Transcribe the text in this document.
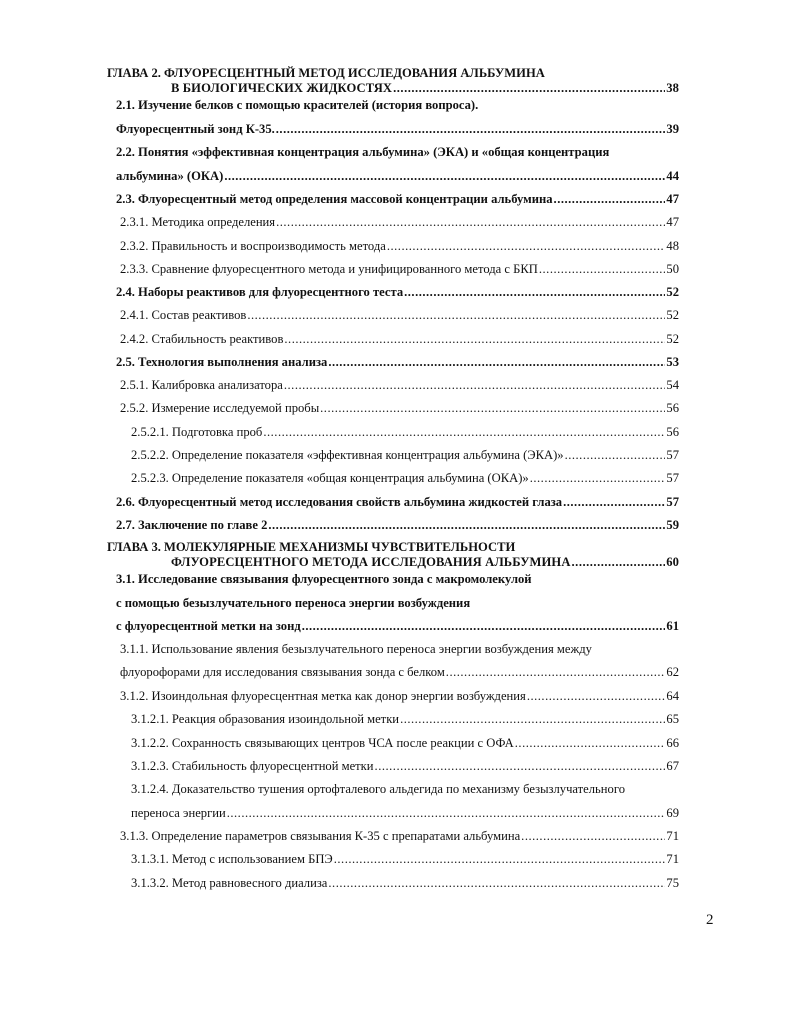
ГЛАВА 2. ФЛУОРЕСЦЕНТНЫЙ МЕТОД ИССЛЕДОВАНИЯ АЛЬБУМИНА
В БИОЛОГИЧЕСКИХ ЖИДКОСТЯХ .....	38
2.1. Изучение белков с помощью красителей (история вопроса).
Флуоресцентный зонд К-35. .....	39
2.2. Понятия «эффективная концентрация альбумина» (ЭКА) и «общая концентрация
альбумина» (ОКА) .....	44
2.3. Флуоресцентный метод определения массовой концентрации альбумина .....	47
2.3.1. Методика определения .....	47
2.3.2. Правильность и воспроизводимость метода .....	48
2.3.3. Сравнение флуоресцентного метода и унифицированного метода с БКП .....	50
2.4. Наборы реактивов для флуоресцентного теста .....	52
2.4.1. Состав реактивов .....	52
2.4.2. Стабильность реактивов .....	52
2.5. Технология выполнения анализа .....	53
2.5.1. Калибровка анализатора .....	54
2.5.2. Измерение исследуемой пробы .....	56
2.5.2.1. Подготовка проб .....	56
2.5.2.2. Определение показателя «эффективная концентрация альбумина (ЭКА)» .....	57
2.5.2.3. Определение показателя «общая концентрация альбумина (ОКА)» .....	57
2.6. Флуоресцентный метод исследования свойств альбумина жидкостей глаза .....	57
2.7. Заключение по главе 2 .....	59
ГЛАВА 3. МОЛЕКУЛЯРНЫЕ МЕХАНИЗМЫ ЧУВСТВИТЕЛЬНОСТИ
ФЛУОРЕСЦЕНТНОГО МЕТОДА ИССЛЕДОВАНИЯ АЛЬБУМИНА .....	60
3.1. Исследование связывания флуоресцентного зонда с макромолекулой
с помощью безызлучательного переноса энергии возбуждения
с флуоресцентной метки на зонд .....	61
3.1.1. Использование явления безызлучательного переноса энергии возбуждения между
флуорофорами для исследования связывания зонда с белком .....	62
3.1.2. Изоиндольная флуоресцентная метка как донор энергии возбуждения .....	64
3.1.2.1. Реакция образования изоиндольной метки .....	65
3.1.2.2. Сохранность связывающих центров ЧСА после реакции с ОФА .....	66
3.1.2.3. Стабильность флуоресцентной метки .....	67
3.1.2.4. Доказательство тушения ортофталевого альдегида по механизму безызлучательного
переноса энергии .....	69
3.1.3. Определение параметров связывания К-35 с препаратами альбумина .....	71
3.1.3.1. Метод с использованием БПЭ .....	71
3.1.3.2. Метод равновесного диализа .....	75
2
